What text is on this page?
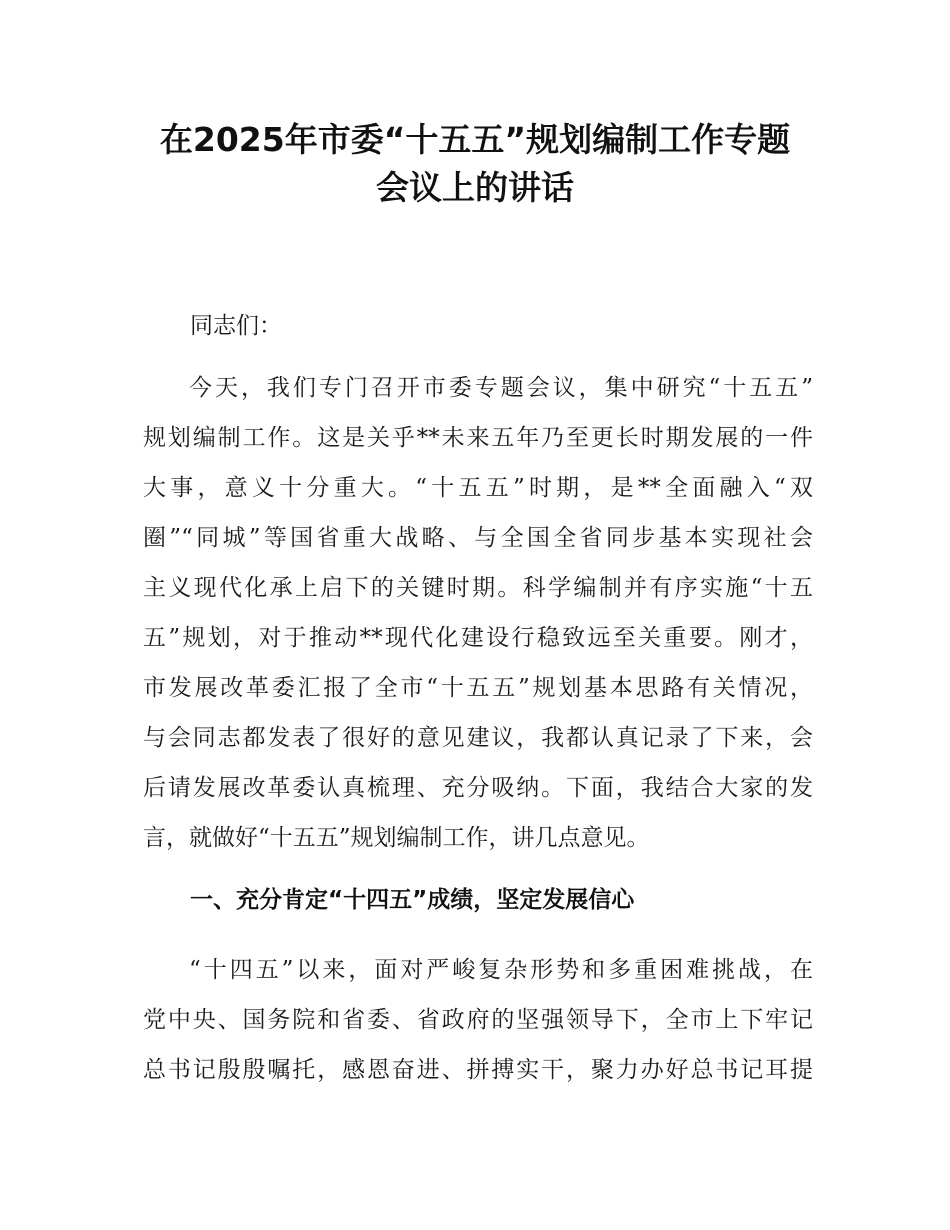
在2025年市委“十五五”规划编制工作专题
会议上的讲话

同志们：

今天，我们专门召开市委专题会议，集中研究“十五五”
规划编制工作。这是关乎**未来五年乃至更长时期发展的一件
大事，意义十分重大。“十五五”时期，是**全面融入“双
圈”“同城”等国省重大战略、与全国全省同步基本实现社会
主义现代化承上启下的关键时期。科学编制并有序实施“十五
五”规划，对于推动**现代化建设行稳致远至关重要。刚才，
市发展改革委汇报了全市“十五五”规划基本思路有关情况，
与会同志都发表了很好的意见建议，我都认真记录了下来，会
后请发展改革委认真梳理、充分吸纳。下面，我结合大家的发
言，就做好“十五五”规划编制工作，讲几点意见。
一、充分肯定“十四五”成绩，坚定发展信心
“十四五”以来，面对严峻复杂形势和多重困难挑战，在
党中央、国务院和省委、省政府的坚强领导下，全市上下牢记
总书记殷殷嘱托，感恩奋进、拼搏实干，聚力办好总书记耳提
